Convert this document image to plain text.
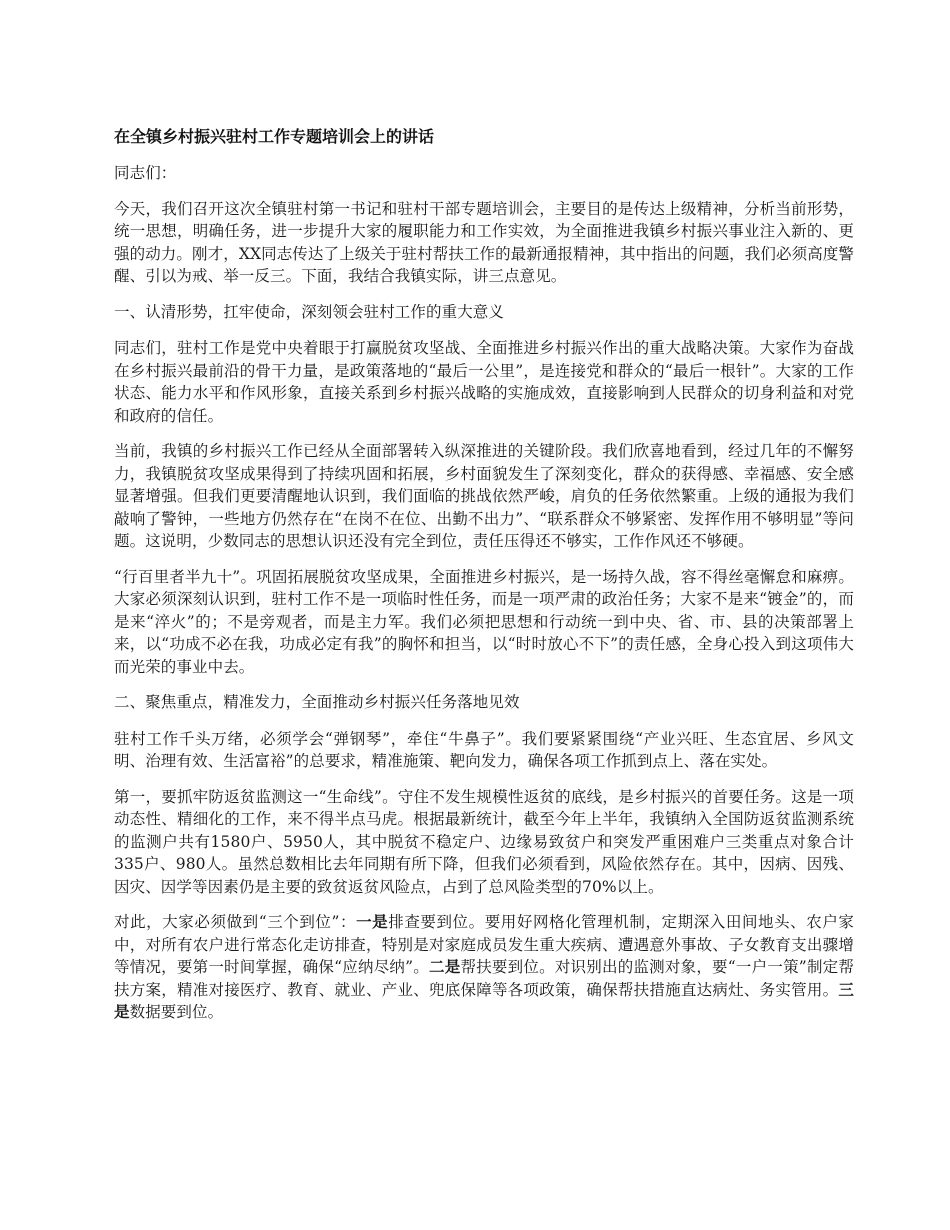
在全镇乡村振兴驻村工作专题培训会上的讲话

同志们：

今天，我们召开这次全镇驻村第一书记和驻村干部专题培训会，主要目的是传达上级精神，分析当前形势，统一思想，明确任务，进一步提升大家的履职能力和工作实效，为全面推进我镇乡村振兴事业注入新的、更强的动力。刚才，XX同志传达了上级关于驻村帮扶工作的最新通报精神，其中指出的问题，我们必须高度警醒、引以为戒、举一反三。下面，我结合我镇实际，讲三点意见。

一、认清形势，扛牢使命，深刻领会驻村工作的重大意义

同志们，驻村工作是党中央着眼于打赢脱贫攻坚战、全面推进乡村振兴作出的重大战略决策。大家作为奋战在乡村振兴最前沿的骨干力量，是政策落地的“最后一公里”，是连接党和群众的“最后一根针”。大家的工作状态、能力水平和作风形象，直接关系到乡村振兴战略的实施成效，直接影响到人民群众的切身利益和对党和政府的信任。

当前，我镇的乡村振兴工作已经从全面部署转入纵深推进的关键阶段。我们欣喜地看到，经过几年的不懈努力，我镇脱贫攻坚成果得到了持续巩固和拓展，乡村面貌发生了深刻变化，群众的获得感、幸福感、安全感显著增强。但我们更要清醒地认识到，我们面临的挑战依然严峻，肩负的任务依然繁重。上级的通报为我们敲响了警钟，一些地方仍然存在“在岗不在位、出勤不出力”、“联系群众不够紧密、发挥作用不够明显”等问题。这说明，少数同志的思想认识还没有完全到位，责任压得还不够实，工作作风还不够硬。

“行百里者半九十”。巩固拓展脱贫攻坚成果，全面推进乡村振兴，是一场持久战，容不得丝毫懈怠和麻痹。大家必须深刻认识到，驻村工作不是一项临时性任务，而是一项严肃的政治任务；大家不是来“镀金”的，而是来“淬火”的；不是旁观者，而是主力军。我们必须把思想和行动统一到中央、省、市、县的决策部署上来，以“功成不必在我，功成必定有我”的胸怀和担当，以“时时放心不下”的责任感，全身心投入到这项伟大而光荣的事业中去。

二、聚焦重点，精准发力，全面推动乡村振兴任务落地见效

驻村工作千头万绪，必须学会“弹钢琴”，牵住“牛鼻子”。我们要紧紧围绕“产业兴旺、生态宜居、乡风文明、治理有效、生活富裕”的总要求，精准施策、靶向发力，确保各项工作抓到点上、落在实处。

第一，要抓牢防返贫监测这一“生命线”。守住不发生规模性返贫的底线，是乡村振兴的首要任务。这是一项动态性、精细化的工作，来不得半点马虎。根据最新统计，截至今年上半年，我镇纳入全国防返贫监测系统的监测户共有1580户、5950人，其中脱贫不稳定户、边缘易致贫户和突发严重困难户三类重点对象合计335户、980人。虽然总数相比去年同期有所下降，但我们必须看到，风险依然存在。其中，因病、因残、因灾、因学等因素仍是主要的致贫返贫风险点，占到了总风险类型的70%以上。

对此，大家必须做到“三个到位”：一是排查要到位。要用好网格化管理机制，定期深入田间地头、农户家中，对所有农户进行常态化走访排查，特别是对家庭成员发生重大疾病、遭遇意外事故、子女教育支出骤增等情况，要第一时间掌握，确保“应纳尽纳”。二是帮扶要到位。对识别出的监测对象，要“一户一策”制定帮扶方案，精准对接医疗、教育、就业、产业、兜底保障等各项政策，确保帮扶措施直达病灶、务实管用。三是数据要到位。
